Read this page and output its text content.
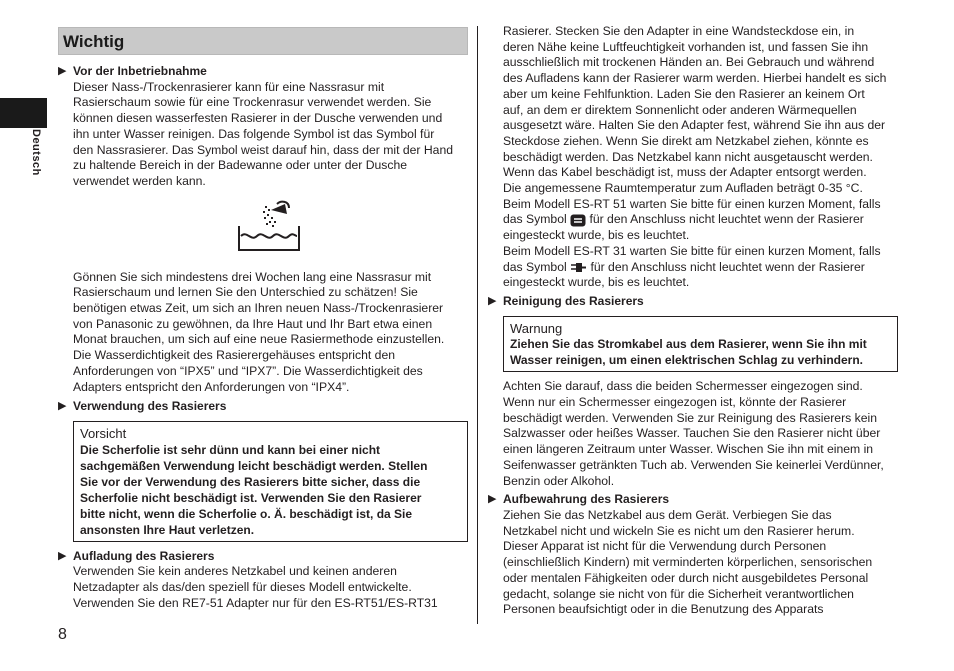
Deutsch
8
Wichtig
▶ Vor der Inbetriebnahme
Dieser Nass-/Trockenrasierer kann für eine Nassrasur mit
Rasierschaum sowie für eine Trockenrasur verwendet werden. Sie
können diesen wasserfesten Rasierer in der Dusche verwenden und
ihn unter Wasser reinigen. Das folgende Symbol ist das Symbol für
den Nassrasierer. Das Symbol weist darauf hin, dass der mit der Hand
zu haltende Bereich in der Badewanne oder unter der Dusche
verwendet werden kann.
Gönnen Sie sich mindestens drei Wochen lang eine Nassrasur mit
Rasierschaum und lernen Sie den Unterschied zu schätzen! Sie
benötigen etwas Zeit, um sich an Ihren neuen Nass-/Trockenrasierer
von Panasonic zu gewöhnen, da Ihre Haut und Ihr Bart etwa einen
Monat brauchen, um sich auf eine neue Rasiermethode einzustellen.
Die Wasserdichtigkeit des Rasierergehäuses entspricht den
Anforderungen von “IPX5” und “IPX7”. Die Wasserdichtigkeit des
Adapters entspricht den Anforderungen von “IPX4”.
▶ Verwendung des Rasierers
Vorsicht
Die Scherfolie ist sehr dünn und kann bei einer nicht
sachgemäßen Verwendung leicht beschädigt werden. Stellen
Sie vor der Verwendung des Rasierers bitte sicher, dass die
Scherfolie nicht beschädigt ist. Verwenden Sie den Rasierer
bitte nicht, wenn die Scherfolie o. Ä. beschädigt ist, da Sie
ansonsten Ihre Haut verletzen.
▶ Aufladung des Rasierers
Verwenden Sie kein anderes Netzkabel und keinen anderen
Netzadapter als das/den speziell für dieses Modell entwickelte.
Verwenden Sie den RE7-51 Adapter nur für den ES-RT51/ES-RT31
Rasierer. Stecken Sie den Adapter in eine Wandsteckdose ein, in
deren Nähe keine Luftfeuchtigkeit vorhanden ist, und fassen Sie ihn
ausschließlich mit trockenen Händen an. Bei Gebrauch und während
des Aufladens kann der Rasierer warm werden. Hierbei handelt es sich
aber um keine Fehlfunktion. Laden Sie den Rasierer an keinem Ort
auf, an dem er direktem Sonnenlicht oder anderen Wärmequellen
ausgesetzt wäre. Halten Sie den Adapter fest, während Sie ihn aus der
Steckdose ziehen. Wenn Sie direkt am Netzkabel ziehen, könnte es
beschädigt werden. Das Netzkabel kann nicht ausgetauscht werden.
Wenn das Kabel beschädigt ist, muss der Adapter entsorgt werden.
Die angemessene Raumtemperatur zum Aufladen beträgt 0-35 °C.
Beim Modell ES-RT 51 warten Sie bitte für einen kurzen Moment, falls
das Symbol  für den Anschluss nicht leuchtet wenn der Rasierer
eingesteckt wurde, bis es leuchtet.
Beim Modell ES-RT 31 warten Sie bitte für einen kurzen Moment, falls
das Symbol  für den Anschluss nicht leuchtet wenn der Rasierer
eingesteckt wurde, bis es leuchtet.
▶ Reinigung des Rasierers
Warnung
Ziehen Sie das Stromkabel aus dem Rasierer, wenn Sie ihn mit
Wasser reinigen, um einen elektrischen Schlag zu verhindern.
Achten Sie darauf, dass die beiden Schermesser eingezogen sind.
Wenn nur ein Schermesser eingezogen ist, könnte der Rasierer
beschädigt werden. Verwenden Sie zur Reinigung des Rasierers kein
Salzwasser oder heißes Wasser. Tauchen Sie den Rasierer nicht über
einen längeren Zeitraum unter Wasser. Wischen Sie ihn mit einem in
Seifenwasser getränkten Tuch ab. Verwenden Sie keinerlei Verdünner,
Benzin oder Alkohol.
▶ Aufbewahrung des Rasierers
Ziehen Sie das Netzkabel aus dem Gerät. Verbiegen Sie das
Netzkabel nicht und wickeln Sie es nicht um den Rasierer herum.
Dieser Apparat ist nicht für die Verwendung durch Personen
(einschließlich Kindern) mit verminderten körperlichen, sensorischen
oder mentalen Fähigkeiten oder durch nicht ausgebildetes Personal
gedacht, solange sie nicht von für die Sicherheit verantwortlichen
Personen beaufsichtigt oder in die Benutzung des Apparats
